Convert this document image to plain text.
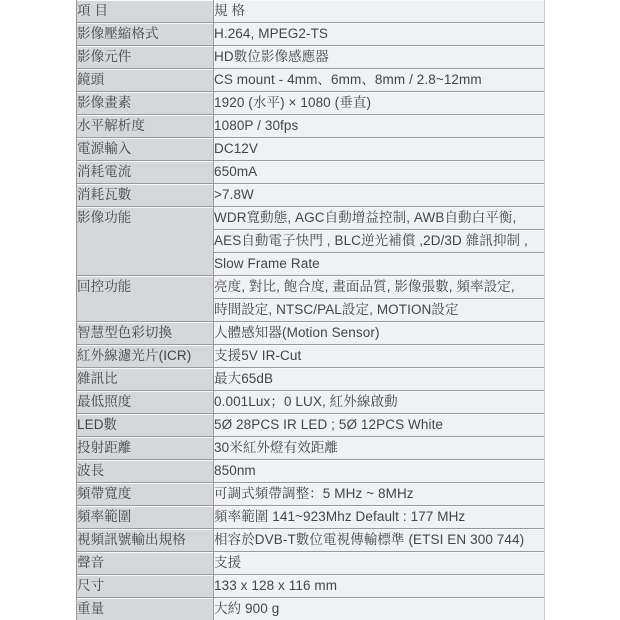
項 目	規 格
影像壓縮格式	H.264, MPEG2-TS
影像元件	HD數位影像感應器
鏡頭	CS mount - 4mm、6mm、8mm / 2.8~12mm
影像畫素	1920 (水平) × 1080 (垂直)
水平解析度	1080P / 30fps
電源輸入	DC12V
消耗電流	650mA
消耗瓦數	>7.8W
影像功能	WDR寬動態, AGC自動增益控制, AWB自動白平衡,
	AES自動電子快門 , BLC逆光補償 ,2D/3D 雜訊抑制 ,
	Slow Frame Rate
回控功能	亮度, 對比, 飽合度, 畫面品質, 影像張數, 頻率設定,
	時間設定, NTSC/PAL設定, MOTION設定
智慧型色彩切換	人體感知器(Motion Sensor)
紅外線濾光片(ICR)	支援5V IR-Cut
雜訊比	最大65dB
最低照度	0.001Lux；0 LUX, 紅外線啟動
LED數	5Ø 28PCS IR LED ; 5Ø 12PCS White
投射距離	30米紅外燈有效距離
波長	850nm
頻帶寬度	可調式頻帶調整：5 MHz ~ 8MHz
頻率範圍	頻率範圍 141~923Mhz Default : 177 MHz
視頻訊號輸出規格	相容於DVB-T數位電視傳輸標準 (ETSI EN 300 744)
聲音	支援
尺寸	133 x 128 x 116 mm
重量	大約 900 g
